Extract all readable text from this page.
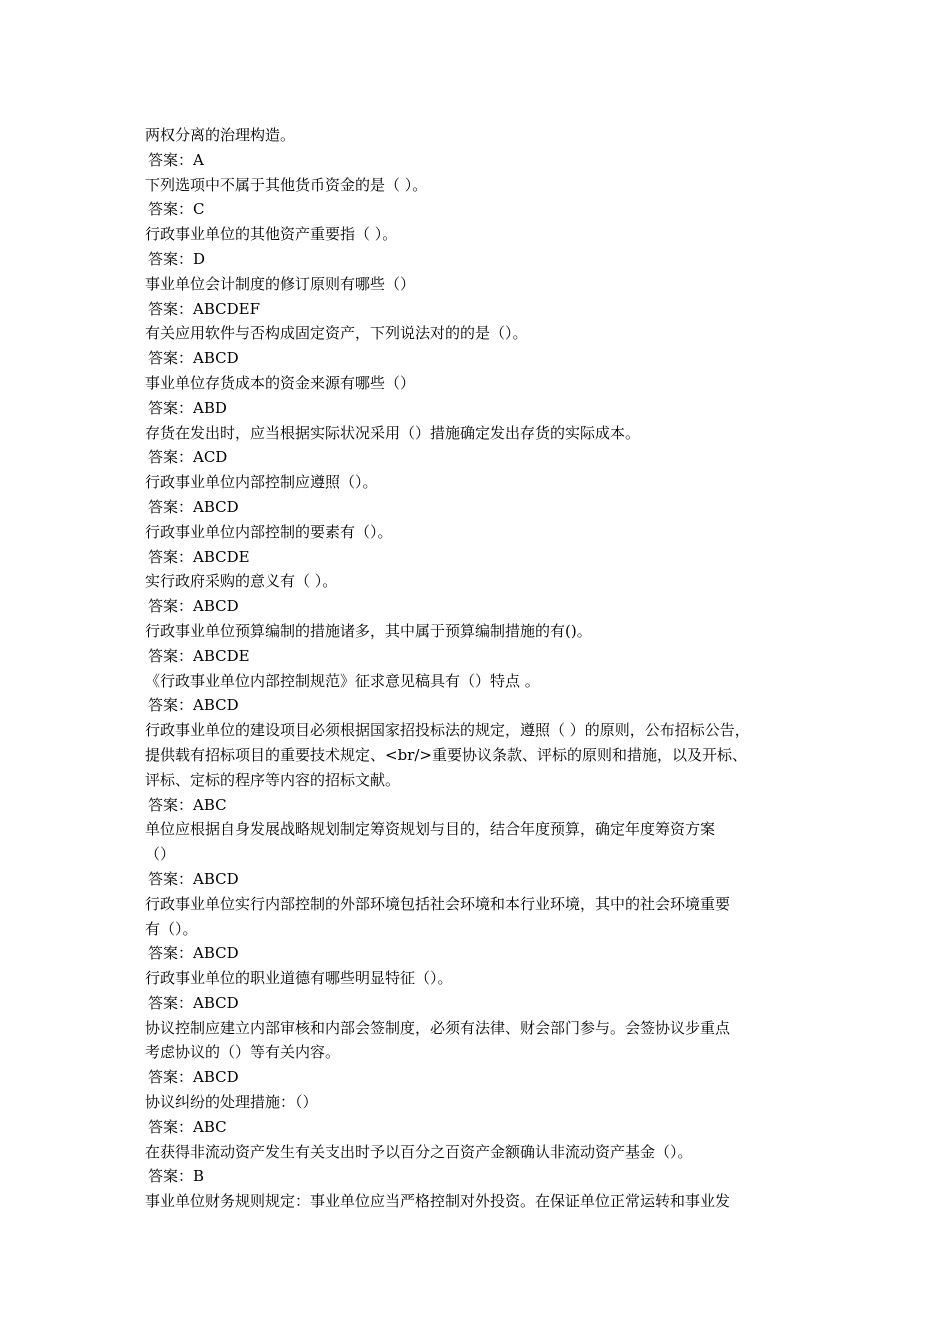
两权分离的治理构造。
答案：A
下列选项中不属于其他货币资金的是（ ）。
答案：C
行政事业单位的其他资产重要指（ ）。
答案：D
事业单位会计制度的修订原则有哪些（）
答案：ABCDEF
有关应用软件与否构成固定资产，下列说法对的的是（）。
答案：ABCD
事业单位存货成本的资金来源有哪些（）
答案：ABD
存货在发出时，应当根据实际状况采用（）措施确定发出存货的实际成本。
答案：ACD
行政事业单位内部控制应遵照（）。
答案：ABCD
行政事业单位内部控制的要素有（）。
答案：ABCDE
实行政府采购的意义有（ ）。
答案：ABCD
行政事业单位预算编制的措施诸多，其中属于预算编制措施的有()。
答案：ABCDE
《行政事业单位内部控制规范》征求意见稿具有（）特点 。
答案：ABCD
行政事业单位的建设项目必须根据国家招投标法的规定，遵照（ ）的原则，公布招标公告，
提供载有招标项目的重要技术规定、<br/>重要协议条款、评标的原则和措施，以及开标、
评标、定标的程序等内容的招标文献。
答案：ABC
单位应根据自身发展战略规划制定筹资规划与目的，结合年度预算，确定年度筹资方案
（）
答案：ABCD
行政事业单位实行内部控制的外部环境包括社会环境和本行业环境，其中的社会环境重要
有（）。
答案：ABCD
行政事业单位的职业道德有哪些明显特征（）。
答案：ABCD
协议控制应建立内部审核和内部会签制度，必须有法律、财会部门参与。会签协议步重点
考虑协议的（）等有关内容。
答案：ABCD
协议纠纷的处理措施：（）
答案：ABC
在获得非流动资产发生有关支出时予以百分之百资产金额确认非流动资产基金（）。
答案：B
事业单位财务规则规定：事业单位应当严格控制对外投资。在保证单位正常运转和事业发
